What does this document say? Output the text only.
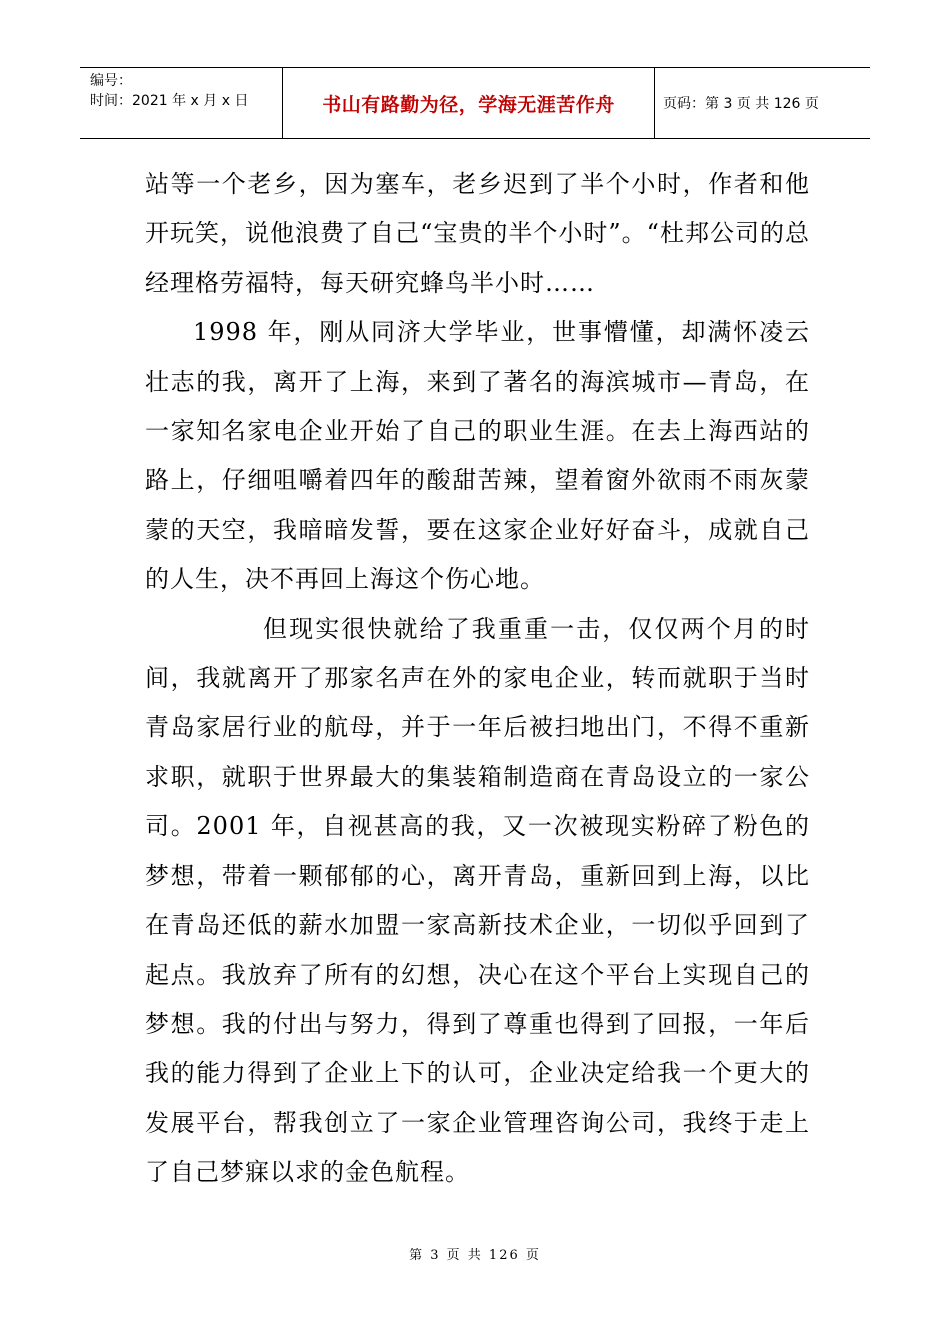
编号：
时间：2021 年 x 月 x 日	书山有路勤为径，学海无涯苦作舟	页码：第 3 页 共 126 页

站等一个老乡，因为塞车，老乡迟到了半个小时，作者和他开玩笑，说他浪费了自己“宝贵的半个小时”。“杜邦公司的总经理格劳福特，每天研究蜂鸟半小时……

1998 年，刚从同济大学毕业，世事懵懂，却满怀凌云壮志的我，离开了上海，来到了著名的海滨城市—青岛，在一家知名家电企业开始了自己的职业生涯。在去上海西站的路上，仔细咀嚼着四年的酸甜苦辣，望着窗外欲雨不雨灰蒙蒙的天空，我暗暗发誓，要在这家企业好好奋斗，成就自己的人生，决不再回上海这个伤心地。

但现实很快就给了我重重一击，仅仅两个月的时间，我就离开了那家名声在外的家电企业，转而就职于当时青岛家居行业的航母，并于一年后被扫地出门，不得不重新求职，就职于世界最大的集装箱制造商在青岛设立的一家公司。2001 年，自视甚高的我，又一次被现实粉碎了粉色的梦想，带着一颗郁郁的心，离开青岛，重新回到上海，以比在青岛还低的薪水加盟一家高新技术企业，一切似乎回到了起点。我放弃了所有的幻想，决心在这个平台上实现自己的梦想。我的付出与努力，得到了尊重也得到了回报，一年后我的能力得到了企业上下的认可，企业决定给我一个更大的发展平台，帮我创立了一家企业管理咨询公司，我终于走上了自己梦寐以求的金色航程。

第 3 页 共 126 页
